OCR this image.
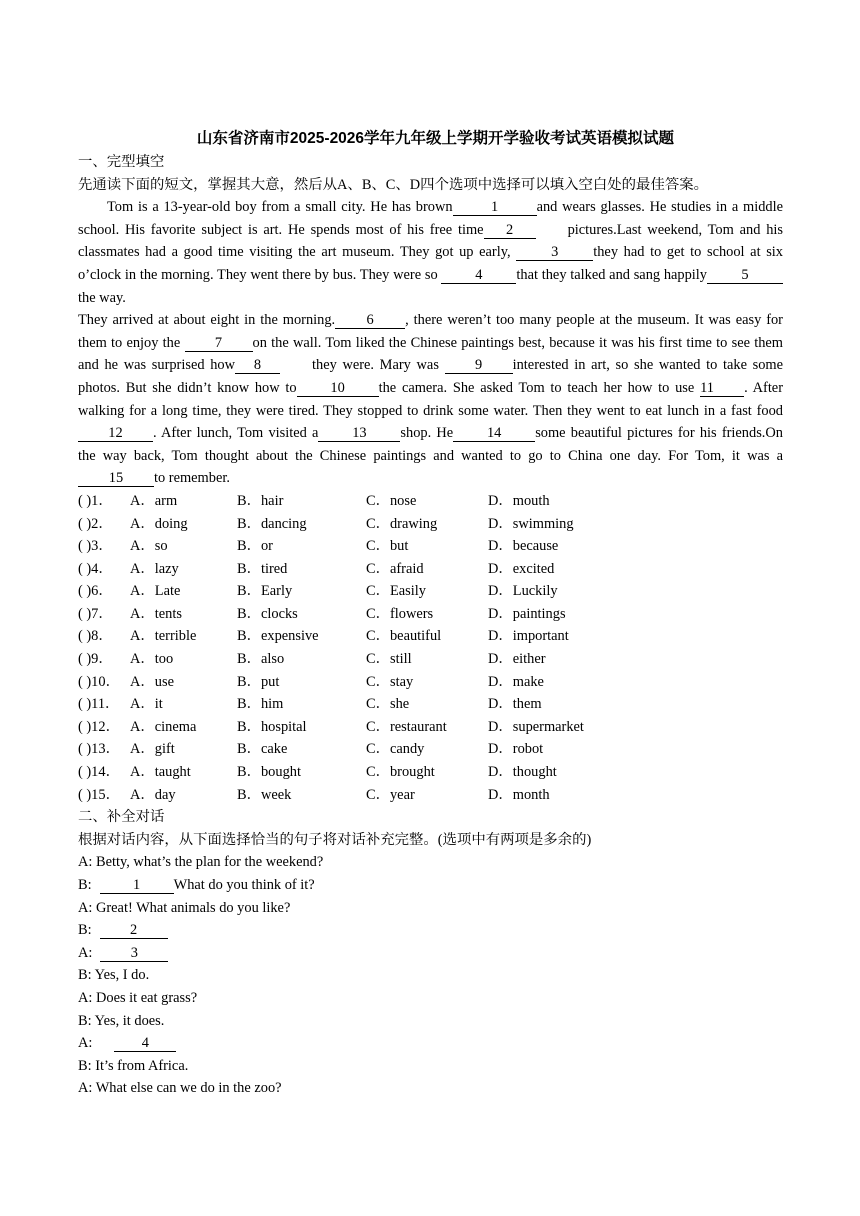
山东省济南市2025-2026学年九年级上学期开学验收考试英语模拟试题
一、完型填空
先通读下面的短文，掌握其大意，然后从A、B、C、D四个选项中选择可以填入空白处的最佳答案。
Tom is a 13-year-old boy from a small city. He has brown	1	and wears glasses. He studies in a middle school. His favorite subject is art. He spends most of his free time 2	pictures.Last weekend, Tom and his classmates had a good time visiting the art museum. They got up early,	3 they had to get to school at six o’clock in the morning. They went there by bus. They were so	4 that they talked and sang happily 5the way.
They arrived at about eight in the morning. 6 , there weren’t too many people at the museum. It was easy for them to enjoy the 7 on the wall. Tom liked the Chinese paintings best, because it was his first time to see them and he was surprised how 8	they were. Mary was	9 interested in art, so she wanted to take some photos. But she didn’t know how to 10 the camera. She asked Tom to teach her how to use 11 . After walking for a long time, they were tired. They stopped to drink some water. Then they went to eat lunch in a fast food12 . After lunch, Tom visited a 13 shop. He 14 some beautiful pictures for his friends.On the way back, Tom thought about the Chinese paintings and wanted to go to China one day. For Tom, it was a 15 to remember.
( )1．	A．arm	B．hair	C．nose	D．mouth
( )2．	A．doing	B．dancing	C．drawing	D．swimming
( )3．	A．so	B．or	C．but	D．because
( )4．	A．lazy	B．tired	C．afraid	D．excited
( )6．	A．Late	B．Early	C．Easily	D．Luckily
( )7．	A．tents	B．clocks	C．flowers	D．paintings
( )8．	A．terrible	B．expensive	C．beautiful	D．important
( )9．	A．too	B．also	C．still	D．either
( )10． A．use	B．put	C．stay	D．make
( )11． A．it	B．him	C．she	D．them
( )12． A．cinema	B．hospital	C．restaurant	D．supermarket
( )13． A．gift	B．cake	C．candy	D．robot
( )14． A．taught	B．bought	C．brought	D．thought
( )15． A．day	B．week	C．year	D．month
二、补全对话
根据对话内容，从下面选择恰当的句子将对话补充完整。(选项中有两项是多余的)
A: Betty, what’s the plan for the weekend?
B:	1 What do you think of it?
A: Great! What animals do you like?
B:	2
A:	3
B: Yes, I do.
A: Does it eat grass?
B: Yes, it does.
A:	4
B: It’s from Africa.
A: What else can we do in the zoo?
